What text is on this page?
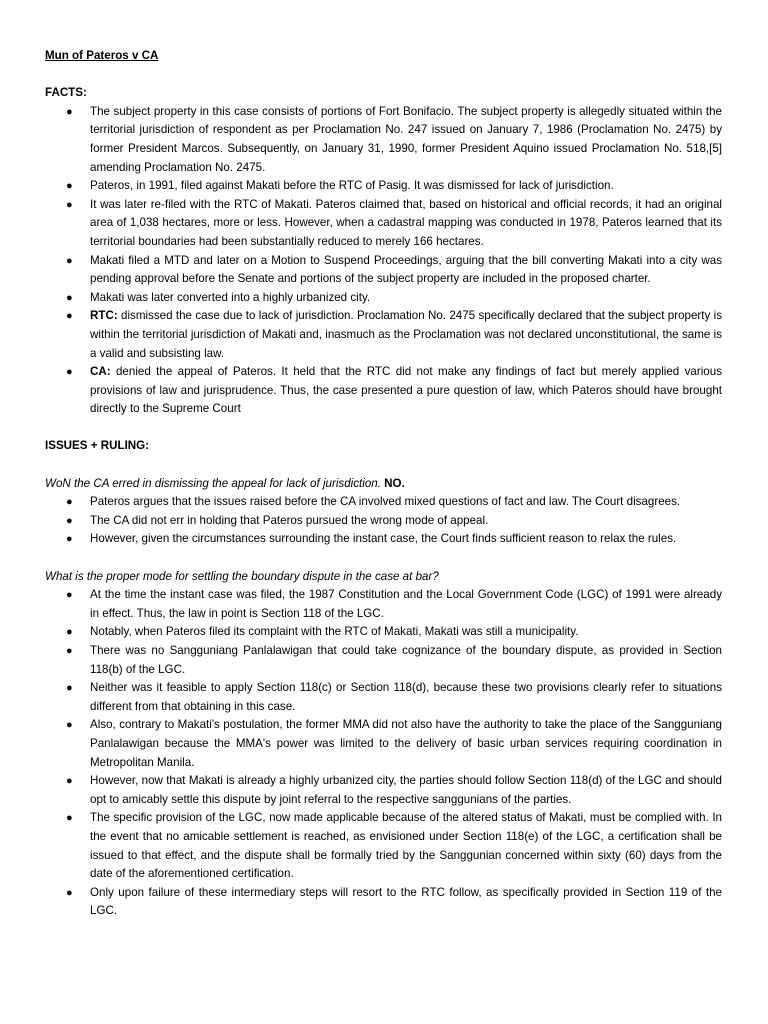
Mun of Pateros v CA

FACTS:

● The subject property in this case consists of portions of Fort Bonifacio. The subject property is allegedly situated within the territorial jurisdiction of respondent as per Proclamation No. 247 issued on January 7, 1986 (Proclamation No. 2475) by former President Marcos. Subsequently, on January 31, 1990, former President Aquino issued Proclamation No. 518,[5] amending Proclamation No. 2475.
● Pateros, in 1991, filed against Makati before the RTC of Pasig. It was dismissed for lack of jurisdiction.
● It was later re-filed with the RTC of Makati. Pateros claimed that, based on historical and official records, it had an original area of 1,038 hectares, more or less. However, when a cadastral mapping was conducted in 1978, Pateros learned that its territorial boundaries had been substantially reduced to merely 166 hectares.
● Makati filed a MTD and later on a Motion to Suspend Proceedings, arguing that the bill converting Makati into a city was pending approval before the Senate and portions of the subject property are included in the proposed charter.
● Makati was later converted into a highly urbanized city.
● RTC: dismissed the case due to lack of jurisdiction. Proclamation No. 2475 specifically declared that the subject property is within the territorial jurisdiction of Makati and, inasmuch as the Proclamation was not declared unconstitutional, the same is a valid and subsisting law.
● CA: denied the appeal of Pateros. It held that the RTC did not make any findings of fact but merely applied various provisions of law and jurisprudence. Thus, the case presented a pure question of law, which Pateros should have brought directly to the Supreme Court

ISSUES + RULING:

WoN the CA erred in dismissing the appeal for lack of jurisdiction. NO.

● Pateros argues that the issues raised before the CA involved mixed questions of fact and law. The Court disagrees.
● The CA did not err in holding that Pateros pursued the wrong mode of appeal.
● However, given the circumstances surrounding the instant case, the Court finds sufficient reason to relax the rules.

What is the proper mode for settling the boundary dispute in the case at bar?

● At the time the instant case was filed, the 1987 Constitution and the Local Government Code (LGC) of 1991 were already in effect. Thus, the law in point is Section 118 of the LGC.
● Notably, when Pateros filed its complaint with the RTC of Makati, Makati was still a municipality.
● There was no Sangguniang Panlalawigan that could take cognizance of the boundary dispute, as provided in Section 118(b) of the LGC.
● Neither was it feasible to apply Section 118(c) or Section 118(d), because these two provisions clearly refer to situations different from that obtaining in this case.
● Also, contrary to Makati's postulation, the former MMA did not also have the authority to take the place of the Sangguniang Panlalawigan because the MMA's power was limited to the delivery of basic urban services requiring coordination in Metropolitan Manila.
● However, now that Makati is already a highly urbanized city, the parties should follow Section 118(d) of the LGC and should opt to amicably settle this dispute by joint referral to the respective sanggunians of the parties.
● The specific provision of the LGC, now made applicable because of the altered status of Makati, must be complied with. In the event that no amicable settlement is reached, as envisioned under Section 118(e) of the LGC, a certification shall be issued to that effect, and the dispute shall be formally tried by the Sanggunian concerned within sixty (60) days from the date of the aforementioned certification.
● Only upon failure of these intermediary steps will resort to the RTC follow, as specifically provided in Section 119 of the LGC.
